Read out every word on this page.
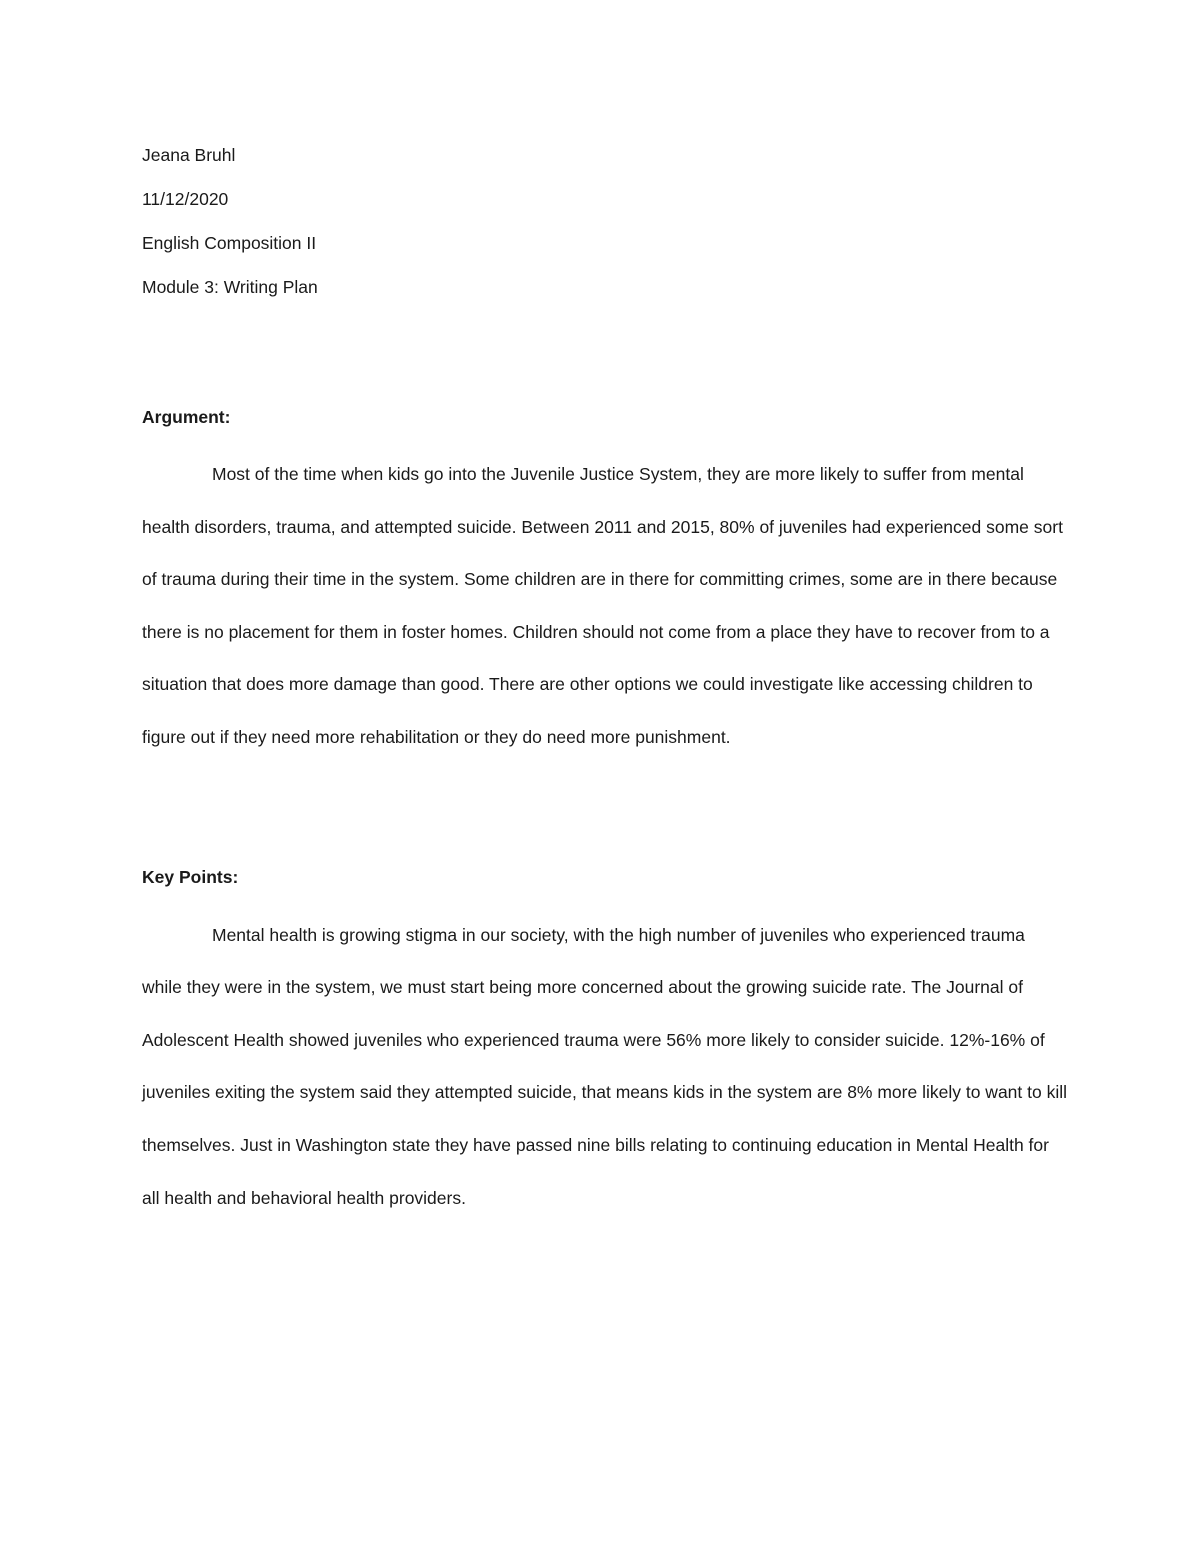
Jeana Bruhl
11/12/2020
English Composition II
Module 3: Writing Plan
Argument:

Most of the time when kids go into the Juvenile Justice System, they are more likely to suffer from mental health disorders, trauma, and attempted suicide. Between 2011 and 2015, 80% of juveniles had experienced some sort of trauma during their time in the system. Some children are in there for committing crimes, some are in there because there is no placement for them in foster homes. Children should not come from a place they have to recover from to a situation that does more damage than good. There are other options we could investigate like accessing children to figure out if they need more rehabilitation or they do need more punishment.

Key Points:

Mental health is growing stigma in our society, with the high number of juveniles who experienced trauma while they were in the system, we must start being more concerned about the growing suicide rate. The Journal of Adolescent Health showed juveniles who experienced trauma were 56% more likely to consider suicide. 12%-16% of juveniles exiting the system said they attempted suicide, that means kids in the system are 8% more likely to want to kill themselves. Just in Washington state they have passed nine bills relating to continuing education in Mental Health for all health and behavioral health providers.
